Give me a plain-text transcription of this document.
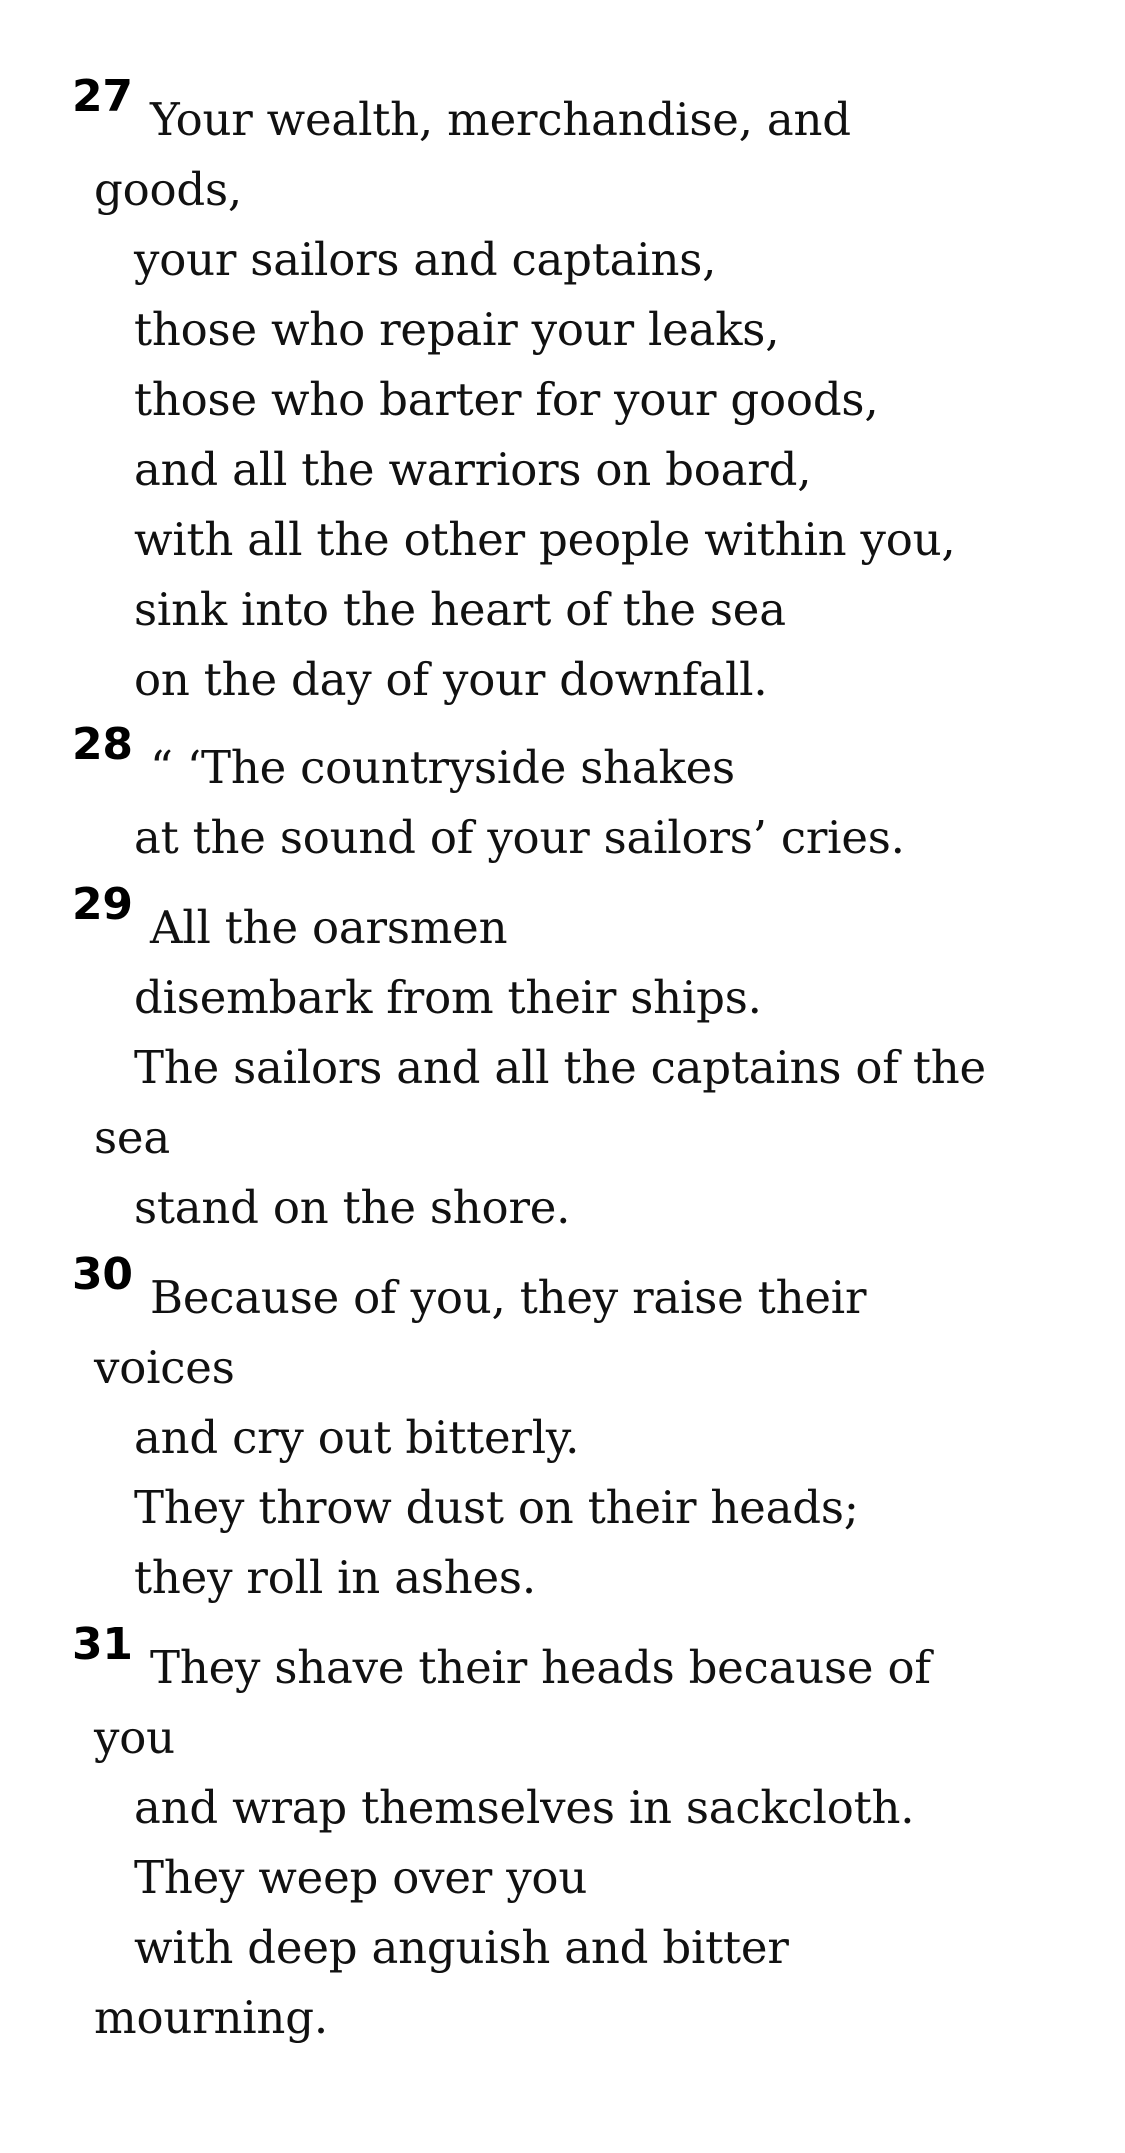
27 Your wealth, merchandise, and
goods,
your sailors and captains,
those who repair your leaks,
those who barter for your goods,
and all the warriors on board,
with all the other people within you,
sink into the heart of the sea
on the day of your downfall.
28 “ ‘The countryside shakes
at the sound of your sailors’ cries.
29 All the oarsmen
disembark from their ships.
The sailors and all the captains of the
sea
stand on the shore.
30 Because of you, they raise their
voices
and cry out bitterly.
They throw dust on their heads;
they roll in ashes.
31 They shave their heads because of
you
and wrap themselves in sackcloth.
They weep over you
with deep anguish and bitter
mourning.
